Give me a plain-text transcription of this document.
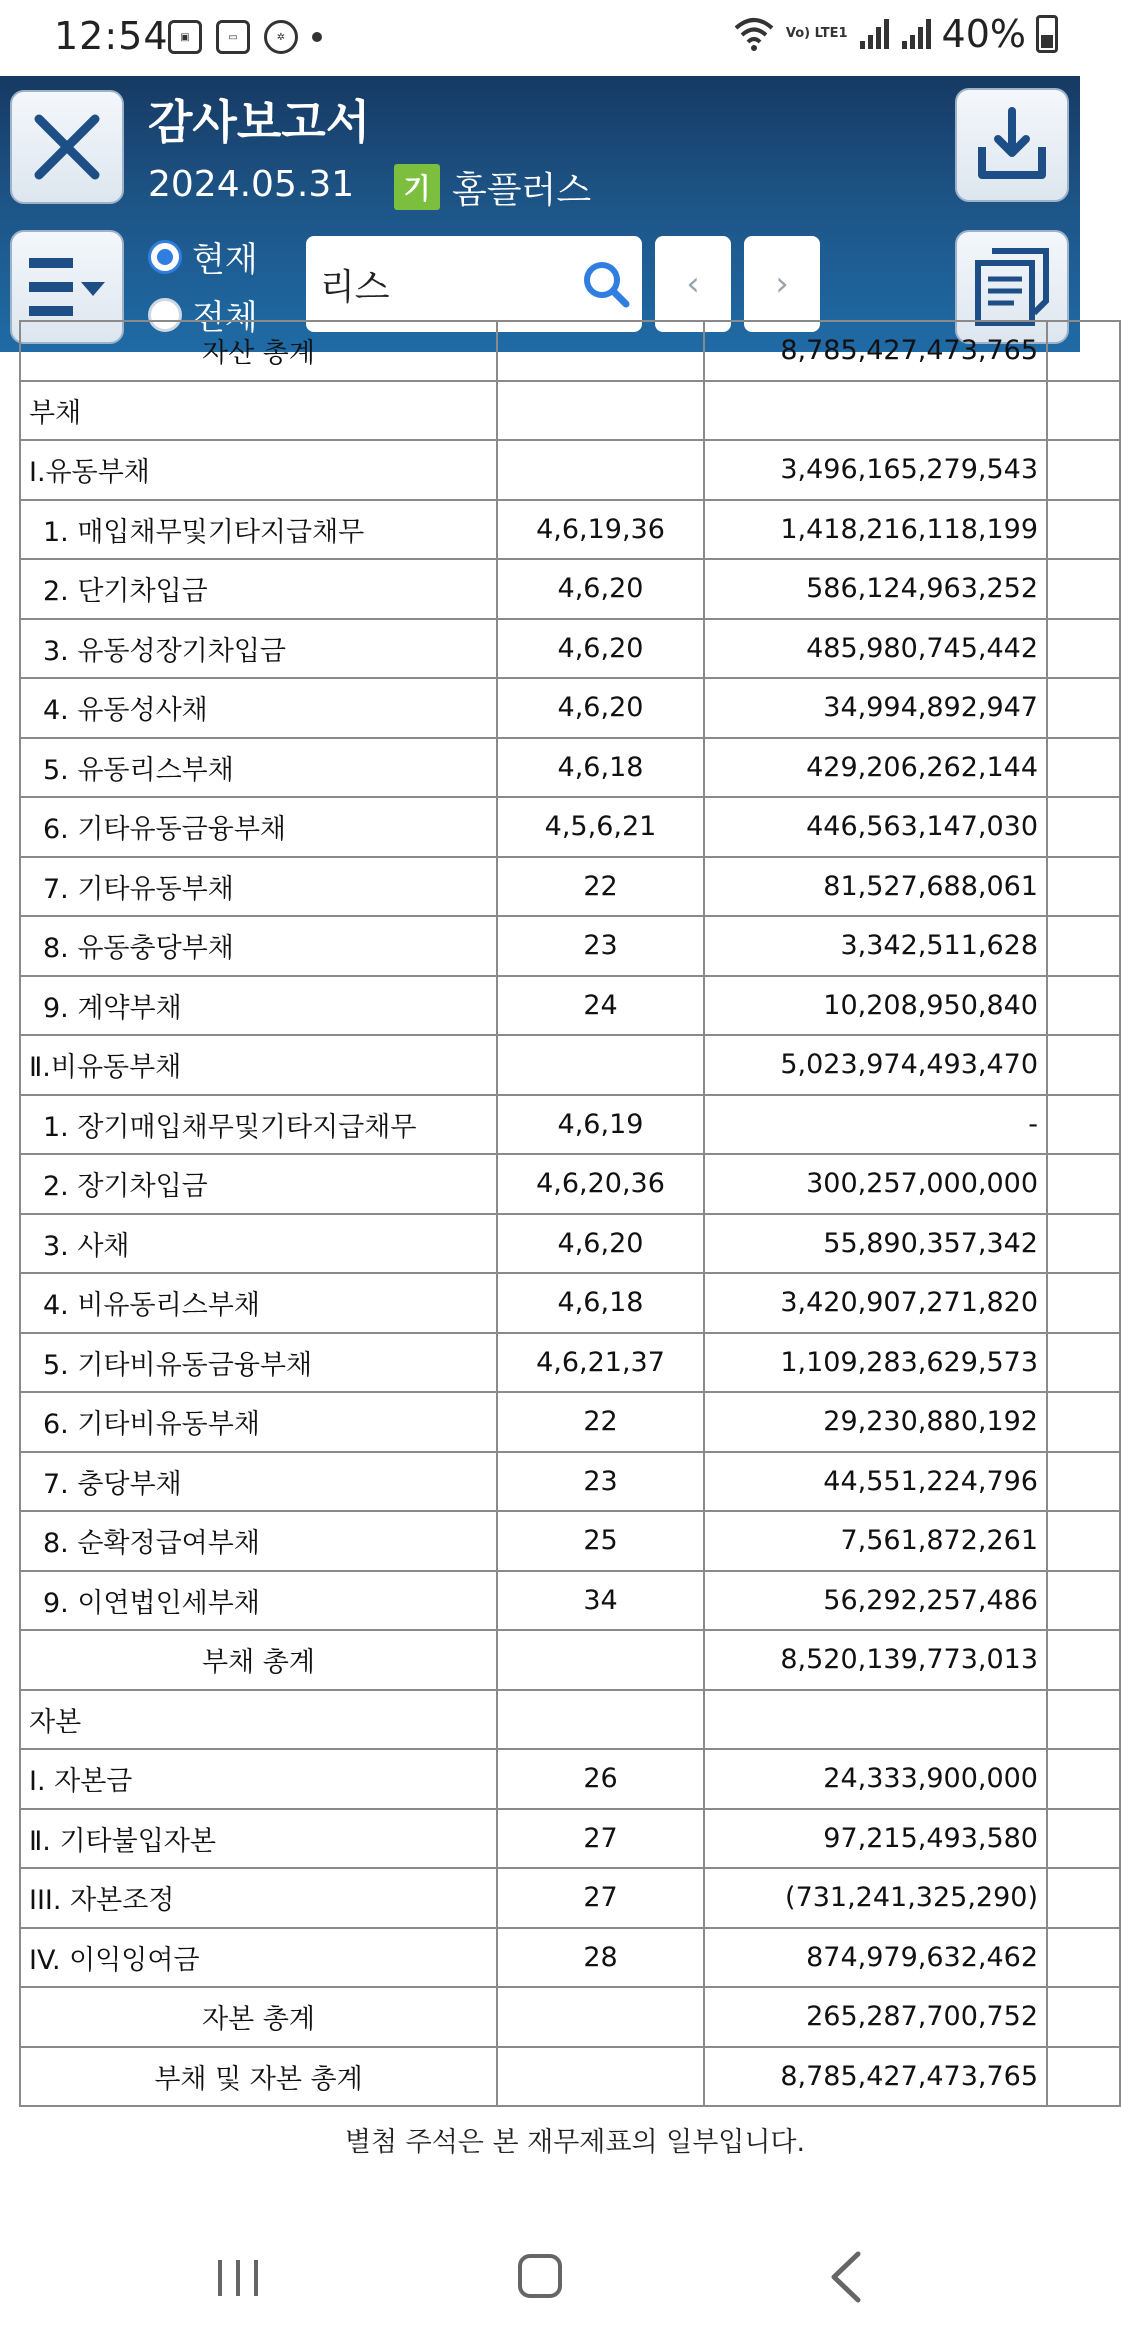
12:54	▣	▭	✲	Vo) LTE1 40%
감사보고서
2024.05.31	기 홈플러스
현재
전체
리스
‹ ›
자산 총계		8,785,427,473,765	
부채			
Ⅰ.유동부채		3,496,165,279,543	
1. 매입채무및기타지급채무	4,6,19,36	1,418,216,118,199	
2. 단기차입금	4,6,20	586,124,963,252	
3. 유동성장기차입금	4,6,20	485,980,745,442	
4. 유동성사채	4,6,20	34,994,892,947	
5. 유동리스부채	4,6,18	429,206,262,144	
6. 기타유동금융부채	4,5,6,21	446,563,147,030	
7. 기타유동부채	22	81,527,688,061	
8. 유동충당부채	23	3,342,511,628	
9. 계약부채	24	10,208,950,840	
Ⅱ.비유동부채		5,023,974,493,470	
1. 장기매입채무및기타지급채무	4,6,19	-	
2. 장기차입금	4,6,20,36	300,257,000,000	
3. 사채	4,6,20	55,890,357,342	
4. 비유동리스부채	4,6,18	3,420,907,271,820	
5. 기타비유동금융부채	4,6,21,37	1,109,283,629,573	
6. 기타비유동부채	22	29,230,880,192	
7. 충당부채	23	44,551,224,796	
8. 순확정급여부채	25	7,561,872,261	
9. 이연법인세부채	34	56,292,257,486	
부채 총계		8,520,139,773,013	
자본			
Ⅰ. 자본금	26	24,333,900,000	
Ⅱ. 기타불입자본	27	97,215,493,580	
III. 자본조정	27	(731,241,325,290)	
IV. 이익잉여금	28	874,979,632,462	
자본 총계		265,287,700,752	
부채 및 자본 총계		8,785,427,473,765	
별첨 주석은 본 재무제표의 일부입니다.
